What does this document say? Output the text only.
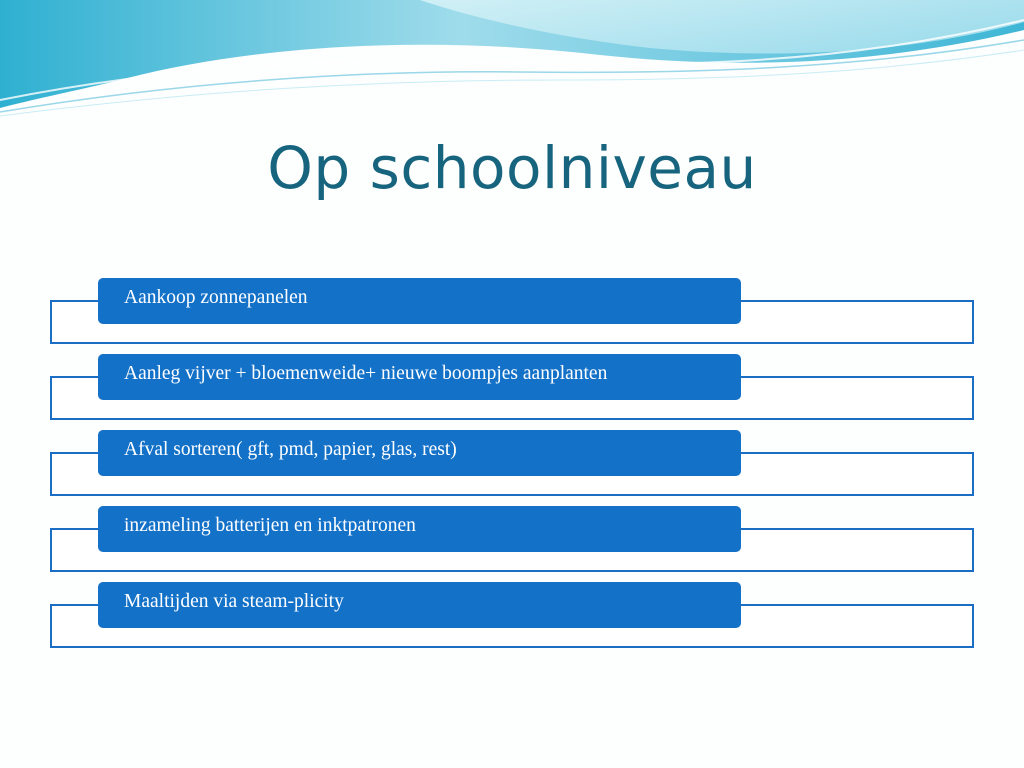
Op schoolniveau
Aankoop zonnepanelen
Aanleg vijver + bloemenweide+ nieuwe boompjes aanplanten
Afval sorteren( gft, pmd, papier, glas, rest)
inzameling batterijen en inktpatronen
Maaltijden via steam-plicity
